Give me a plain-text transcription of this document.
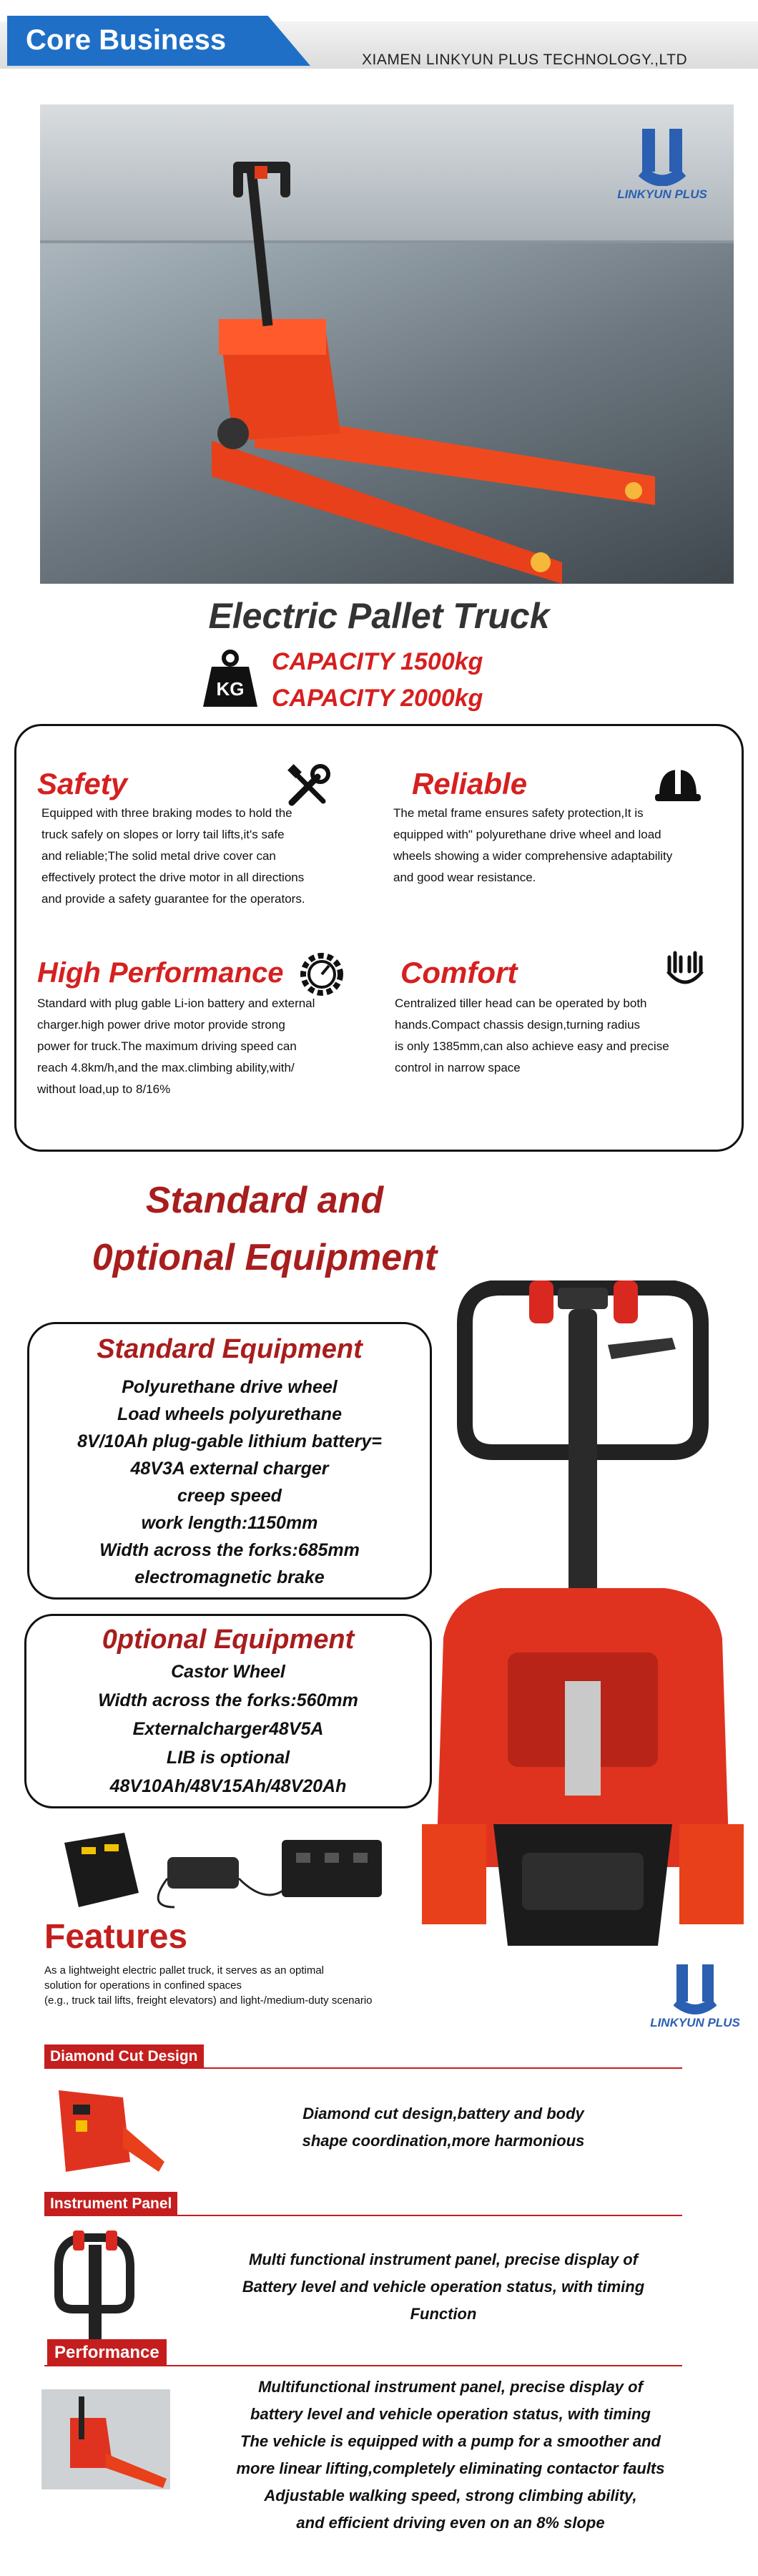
Core Business
XIAMEN LINKYUN PLUS TECHNOLOGY.,LTD
LINKYUN PLUS
Electric Pallet Truck
KG
CAPACITY 1500kg
CAPACITY 2000kg
Safety
Equipped with three braking modes to hold the
truck safely on slopes or lorry tail lifts,it's safe
and reliable;The solid metal drive cover can
effectively protect the drive motor in all directions
and provide a safety guarantee for the operators.
Reliable
The metal frame ensures safety protection,It is
equipped with" polyurethane drive wheel and load
wheels showing a wider comprehensive adaptability
and good wear resistance.
High Performance
Standard with plug gable Li-ion battery and external
charger.high power drive motor provide strong
power for truck.The maximum driving speed can
reach 4.8km/h,and the max.climbing ability,with/
without load,up to 8/16%
Comfort
Centralized tiller head can be operated by both
hands.Compact chassis design,turning radius
is only 1385mm,can also achieve easy and precise
control in narrow space
Standard and
0ptional Equipment
Standard Equipment
Polyurethane drive wheel
Load wheels polyurethane
8V/10Ah plug-gable lithium battery=
48V3A external charger
creep speed
work length:1150mm
Width across the forks:685mm
electromagnetic brake
0ptional Equipment
Castor Wheel
Width across the forks:560mm
Externalcharger48V5A
LIB is optional
48V10Ah/48V15Ah/48V20Ah
Features
As a lightweight electric pallet truck, it serves as an optimal
solution for operations in confined spaces
(e.g., truck tail lifts, freight elevators) and light-/medium-duty scenario
LINKYUN PLUS
Diamond Cut Design
Diamond cut design,battery and body
shape coordination,more harmonious
Instrument Panel
Multi functional instrument panel, precise display of
Battery level and vehicle operation status, with timing
Function
Performance
Multifunctional instrument panel, precise display of
battery level and vehicle operation status, with timing
The vehicle is equipped with a pump for a smoother and
more linear lifting,completely eliminating contactor faults
Adjustable walking speed, strong climbing ability,
and efficient driving even on an 8% slope
